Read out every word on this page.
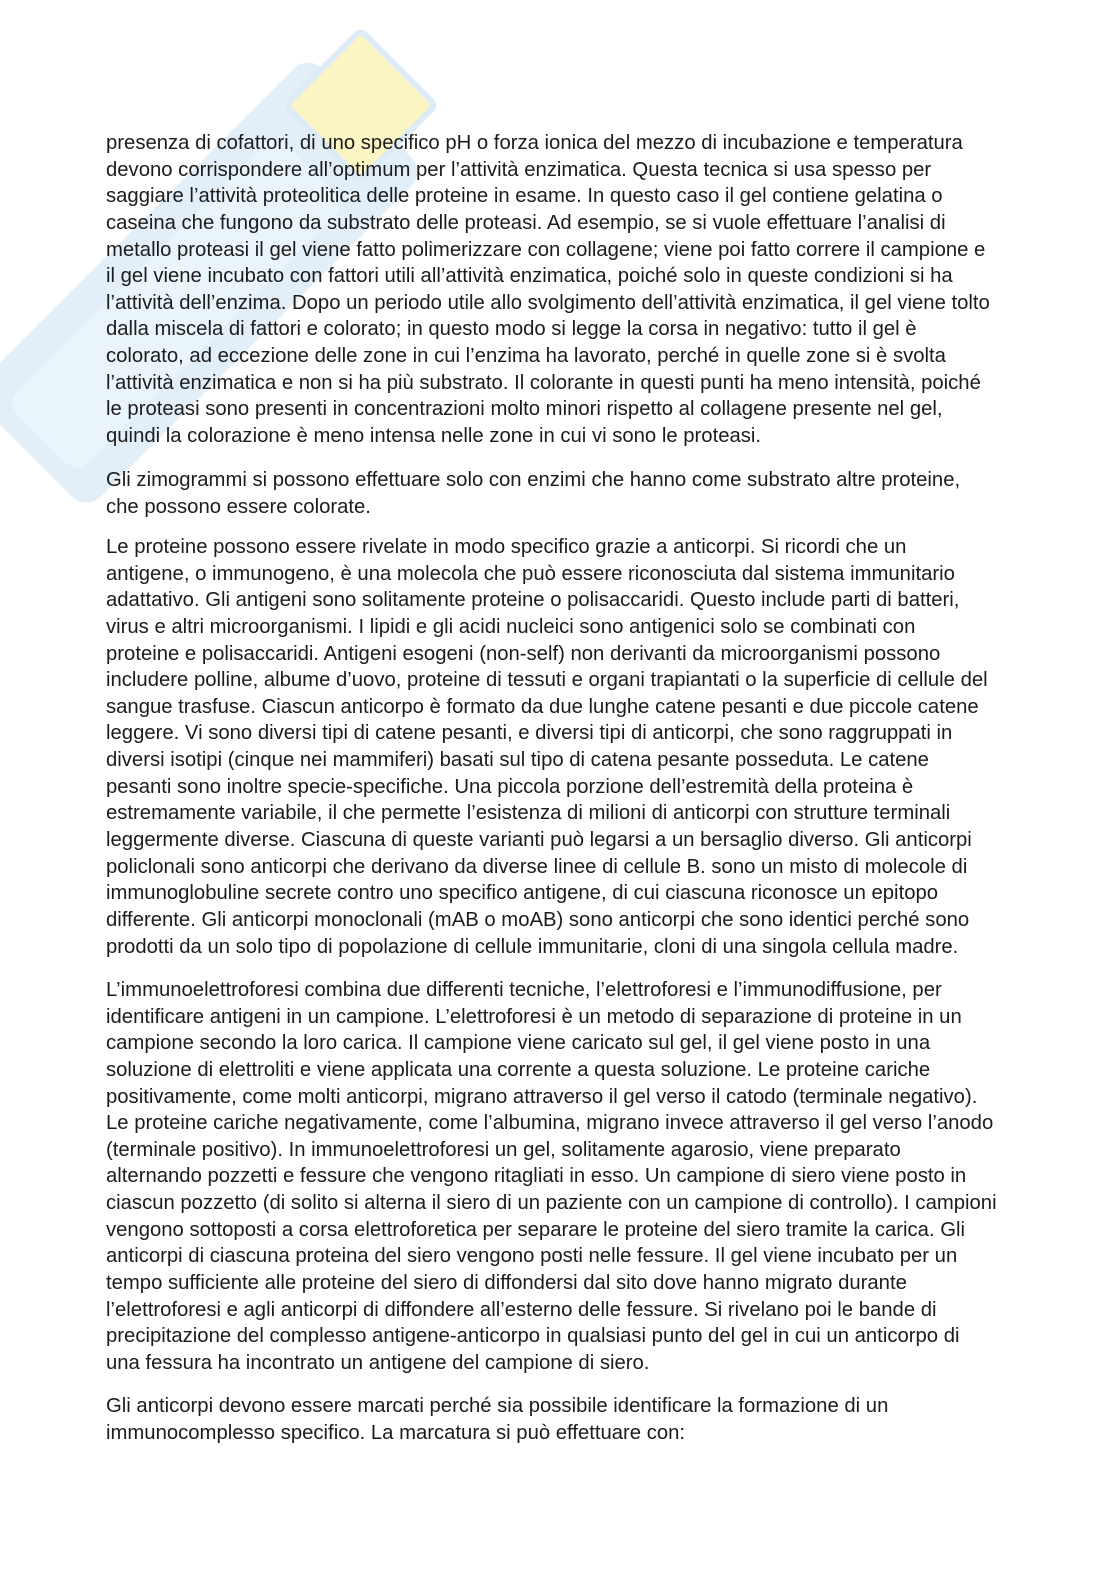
presenza di cofattori, di uno specifico pH o forza ionica del mezzo di incubazione e temperatura
devono corrispondere all’optimum per l’attività enzimatica. Questa tecnica si usa spesso per
saggiare l’attività proteolitica delle proteine in esame. In questo caso il gel contiene gelatina o
caseina che fungono da substrato delle proteasi. Ad esempio, se si vuole effettuare l’analisi di
metallo proteasi il gel viene fatto polimerizzare con collagene; viene poi fatto correre il campione e
il gel viene incubato con fattori utili all’attività enzimatica, poiché solo in queste condizioni si ha
l’attività dell’enzima. Dopo un periodo utile allo svolgimento dell’attività enzimatica, il gel viene tolto
dalla miscela di fattori e colorato; in questo modo si legge la corsa in negativo: tutto il gel è
colorato, ad eccezione delle zone in cui l’enzima ha lavorato, perché in quelle zone si è svolta
l’attività enzimatica e non si ha più substrato. Il colorante in questi punti ha meno intensità, poiché
le proteasi sono presenti in concentrazioni molto minori rispetto al collagene presente nel gel,
quindi la colorazione è meno intensa nelle zone in cui vi sono le proteasi.
Gli zimogrammi si possono effettuare solo con enzimi che hanno come substrato altre proteine,
che possono essere colorate.
Le proteine possono essere rivelate in modo specifico grazie a anticorpi. Si ricordi che un
antigene, o immunogeno, è una molecola che può essere riconosciuta dal sistema immunitario
adattativo. Gli antigeni sono solitamente proteine o polisaccaridi. Questo include parti di batteri,
virus e altri microorganismi. I lipidi e gli acidi nucleici sono antigenici solo se combinati con
proteine e polisaccaridi. Antigeni esogeni (non-self) non derivanti da microorganismi possono
includere polline, albume d’uovo, proteine di tessuti e organi trapiantati o la superficie di cellule del
sangue trasfuse. Ciascun anticorpo è formato da due lunghe catene pesanti e due piccole catene
leggere. Vi sono diversi tipi di catene pesanti, e diversi tipi di anticorpi, che sono raggruppati in
diversi isotipi (cinque nei mammiferi) basati sul tipo di catena pesante posseduta. Le catene
pesanti sono inoltre specie-specifiche. Una piccola porzione dell’estremità della proteina è
estremamente variabile, il che permette l’esistenza di milioni di anticorpi con strutture terminali
leggermente diverse. Ciascuna di queste varianti può legarsi a un bersaglio diverso. Gli anticorpi
policlonali sono anticorpi che derivano da diverse linee di cellule B. sono un misto di molecole di
immunoglobuline secrete contro uno specifico antigene, di cui ciascuna riconosce un epitopo
differente. Gli anticorpi monoclonali (mAB o moAB) sono anticorpi che sono identici perché sono
prodotti da un solo tipo di popolazione di cellule immunitarie, cloni di una singola cellula madre.
L’immunoelettroforesi combina due differenti tecniche, l’elettroforesi e l’immunodiffusione, per
identificare antigeni in un campione. L’elettroforesi è un metodo di separazione di proteine in un
campione secondo la loro carica. Il campione viene caricato sul gel, il gel viene posto in una
soluzione di elettroliti e viene applicata una corrente a questa soluzione. Le proteine cariche
positivamente, come molti anticorpi, migrano attraverso il gel verso il catodo (terminale negativo).
Le proteine cariche negativamente, come l’albumina, migrano invece attraverso il gel verso l’anodo
(terminale positivo). In immunoelettroforesi un gel, solitamente agarosio, viene preparato
alternando pozzetti e fessure che vengono ritagliati in esso. Un campione di siero viene posto in
ciascun pozzetto (di solito si alterna il siero di un paziente con un campione di controllo). I campioni
vengono sottoposti a corsa elettroforetica per separare le proteine del siero tramite la carica. Gli
anticorpi di ciascuna proteina del siero vengono posti nelle fessure. Il gel viene incubato per un
tempo sufficiente alle proteine del siero di diffondersi dal sito dove hanno migrato durante
l’elettroforesi e agli anticorpi di diffondere all’esterno delle fessure. Si rivelano poi le bande di
precipitazione del complesso antigene-anticorpo in qualsiasi punto del gel in cui un anticorpo di
una fessura ha incontrato un antigene del campione di siero.
Gli anticorpi devono essere marcati perché sia possibile identificare la formazione di un
immunocomplesso specifico. La marcatura si può effettuare con:
